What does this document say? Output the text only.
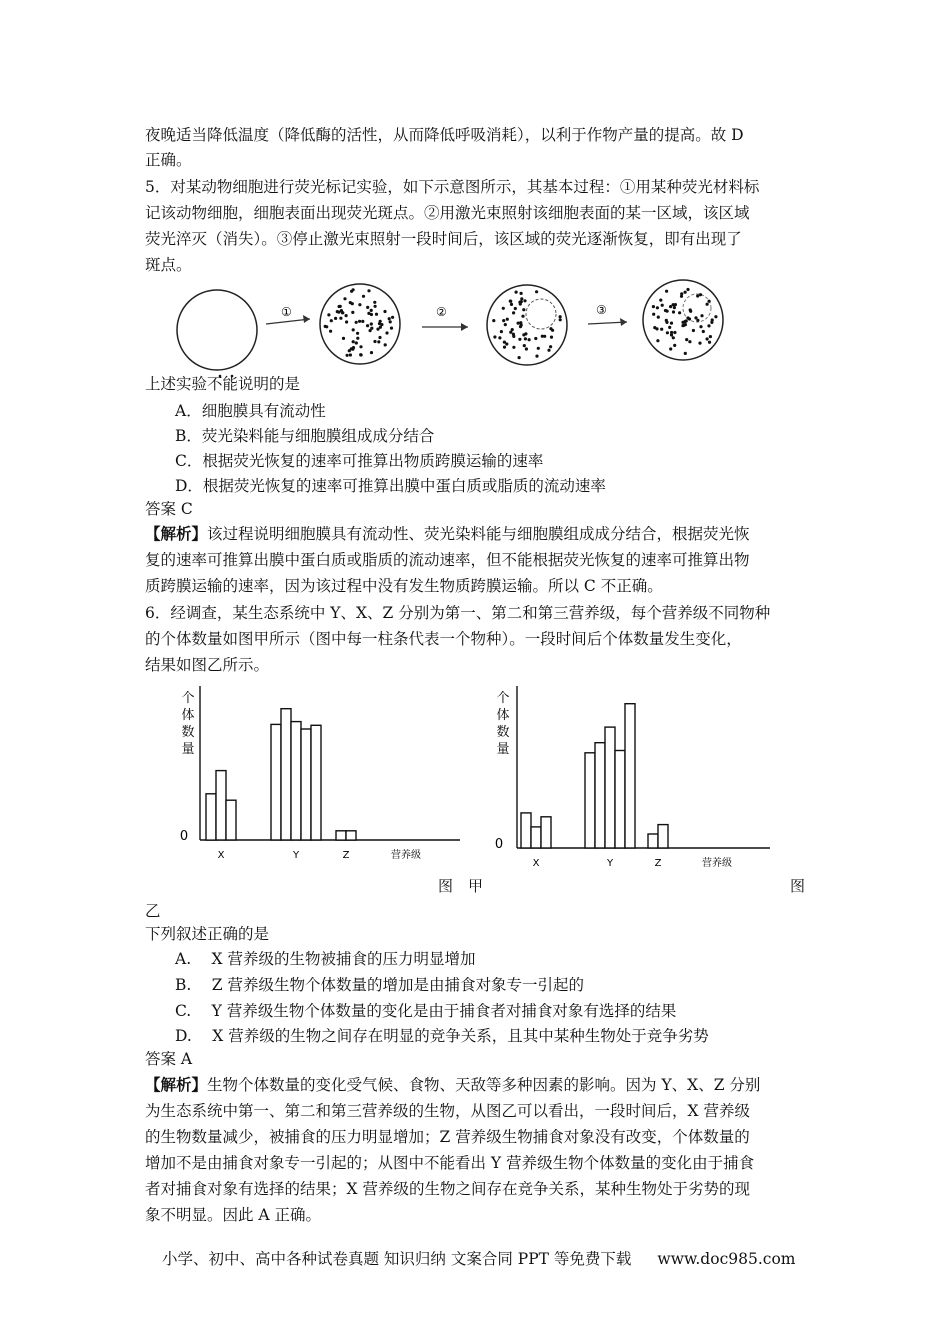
夜晚适当降低温度（降低酶的活性，从而降低呼吸消耗），以利于作物产量的提高。故 D
正确。
5．对某动物细胞进行荧光标记实验，如下示意图所示，其基本过程：①用某种荧光材料标
记该动物细胞，细胞表面出现荧光斑点。②用激光束照射该细胞表面的某一区域，该区域
荧光淬灭（消失）。③停止激光束照射一段时间后，该区域的荧光逐渐恢复，即有出现了
斑点。
①	②	③
上述实验不能说明的是
A．细胞膜具有流动性
B．荧光染料能与细胞膜组成成分结合
C．根据荧光恢复的速率可推算出物质跨膜运输的速率
D．根据荧光恢复的速率可推算出膜中蛋白质或脂质的流动速率
答案 C
【解析】该过程说明细胞膜具有流动性、荧光染料能与细胞膜组成成分结合，根据荧光恢
复的速率可推算出膜中蛋白质或脂质的流动速率，但不能根据荧光恢复的速率可推算出物
质跨膜运输的速率，因为该过程中没有发生物质跨膜运输。所以 C 不正确。
6．经调查，某生态系统中 Y、X、Z 分别为第一、第二和第三营养级，每个营养级不同物种
的个体数量如图甲所示（图中每一柱条代表一个物种）。一段时间后个体数量发生变化，
结果如图乙所示。
个
体
数
量
0
X	Y	Z	营养级
个
体
数
量
0
X	Y	Z	营养级
图　甲	图
乙
下列叙述正确的是
A.　 X 营养级的生物被捕食的压力明显增加
B.　 Z 营养级生物个体数量的增加是由捕食对象专一引起的
C.　 Y 营养级生物个体数量的变化是由于捕食者对捕食对象有选择的结果
D.　 X 营养级的生物之间存在明显的竞争关系，且其中某种生物处于竞争劣势
答案 A
【解析】生物个体数量的变化受气候、食物、天敌等多种因素的影响。因为 Y、X、Z 分别
为生态系统中第一、第二和第三营养级的生物，从图乙可以看出，一段时间后，X 营养级
的生物数量减少，被捕食的压力明显增加；Z 营养级生物捕食对象没有改变，个体数量的
增加不是由捕食对象专一引起的；从图中不能看出 Y 营养级生物个体数量的变化由于捕食
者对捕食对象有选择的结果；X 营养级的生物之间存在竞争关系，某种生物处于劣势的现
象不明显。因此 A 正确。
小学、初中、高中各种试卷真题 知识归纳 文案合同 PPT 等免费下载 www.doc985.com
